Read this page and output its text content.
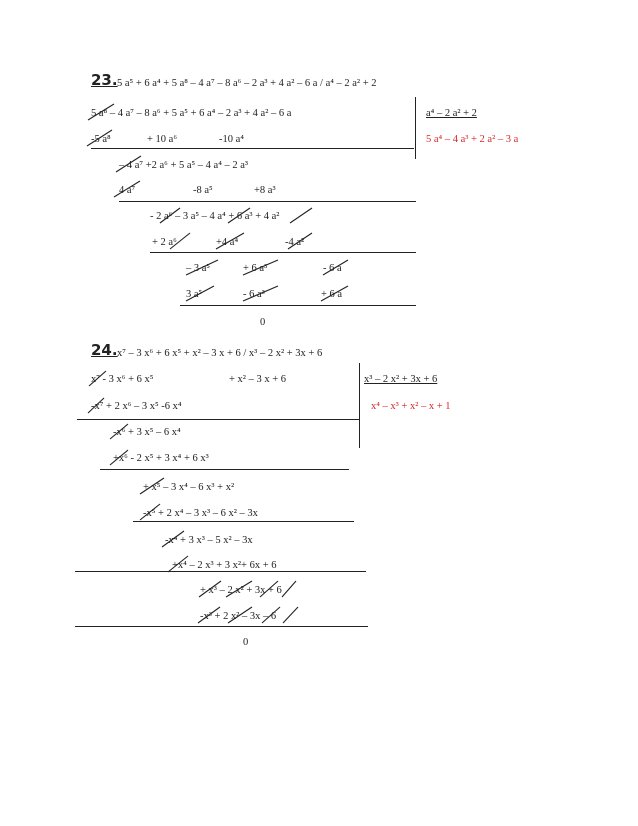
23. 5 a⁵ + 6 a⁴ + 5 a⁸ – 4 a⁷ – 8 a⁶ – 2 a³ + 4 a² – 6 a / a⁴ – 2 a² + 2
5 a⁸ – 4 a⁷ – 8 a⁶ + 5 a⁵ + 6 a⁴ – 2 a³ + 4 a² – 6 a	a⁴ – 2 a² + 2
-5 a⁸	+ 10 a⁶	-10 a⁴	5 a⁴ – 4 a³ + 2 a² – 3 a
– 4 a⁷ +2 a⁶ + 5 a⁵ – 4 a⁴ – 2 a³
4 a⁷	-8 a⁵	+8 a³
- 2 a⁶ – 3 a⁵ – 4 a⁴ + 6 a³ + 4 a²
+ 2 a⁶	+4 a⁴	-4 a²
– 3 a⁵	+ 6 a³	- 6 a
3 a⁵	- 6 a³	+ 6 a
0
24. x⁷ – 3 x⁶ + 6 x⁵ + x² – 3 x + 6 / x³ – 2 x² + 3x + 6
x⁷ - 3 x⁶ + 6 x⁵	+ x² – 3 x + 6	x³ – 2 x² + 3x + 6
-x⁷ + 2 x⁶ – 3 x⁵ -6 x⁴	x⁴ – x³ + x² – x + 1
-x⁶ + 3 x⁵ – 6 x⁴
+x⁶ - 2 x⁵ + 3 x⁴ + 6 x³
+ x⁵ – 3 x⁴ – 6 x³ + x²
-x⁵ + 2 x⁴ – 3 x³ – 6 x² – 3x
-x⁴ + 3 x³ – 5 x² – 3x
+x⁴ – 2 x³ + 3 x²+ 6x + 6
+ x³ – 2 x² + 3x + 6
-x³ + 2 x² – 3x – 6
0
